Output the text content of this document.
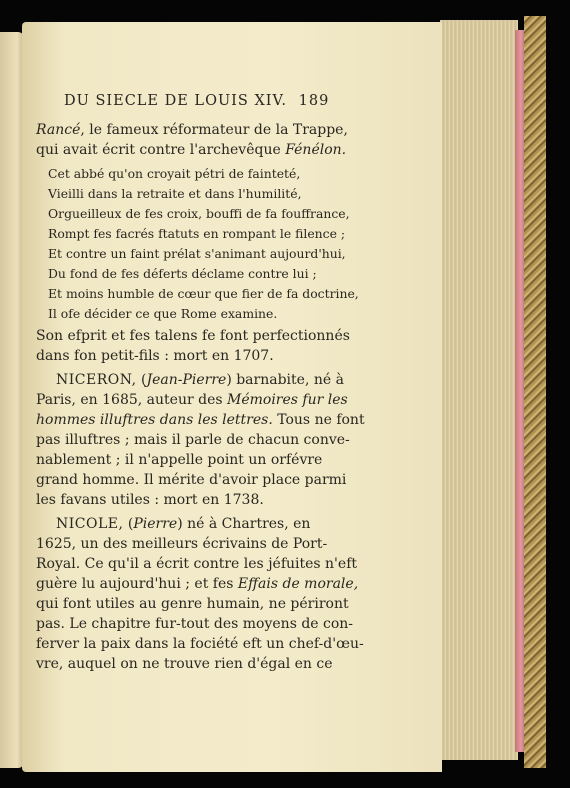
DU SIECLE DE LOUIS XIV. 189
Rancé, le fameux réformateur de la Trappe,
qui avait écrit contre l'archevêque Fénélon.
Cet abbé qu'on croyait pétri de fainteté,
Vieilli dans la retraite et dans l'humilité,
Orgueilleux de fes croix, bouffi de fa fouffrance,
Rompt fes facrés ftatuts en rompant le filence ;
Et contre un faint prélat s'animant aujourd'hui,
Du fond de fes déferts déclame contre lui ;
Et moins humble de cœur que fier de fa doctrine,
Il ofe décider ce que Rome examine.
Son efprit et fes talens fe font perfectionnés
dans fon petit-fils : mort en 1707.
NICERON, (Jean-Pierre) barnabite, né à
Paris, en 1685, auteur des Mémoires fur les
hommes illuftres dans les lettres. Tous ne font
pas illuftres ; mais il parle de chacun conve-
nablement ; il n'appelle point un orfévre
grand homme. Il mérite d'avoir place parmi
les favans utiles : mort en 1738.
NICOLE, (Pierre) né à Chartres, en
1625, un des meilleurs écrivains de Port-
Royal. Ce qu'il a écrit contre les jéfuites n'eft
guère lu aujourd'hui ; et fes Effais de morale,
qui font utiles au genre humain, ne périront
pas. Le chapitre fur-tout des moyens de con-
ferver la paix dans la fociété eft un chef-d'œu-
vre, auquel on ne trouve rien d'égal en ce
